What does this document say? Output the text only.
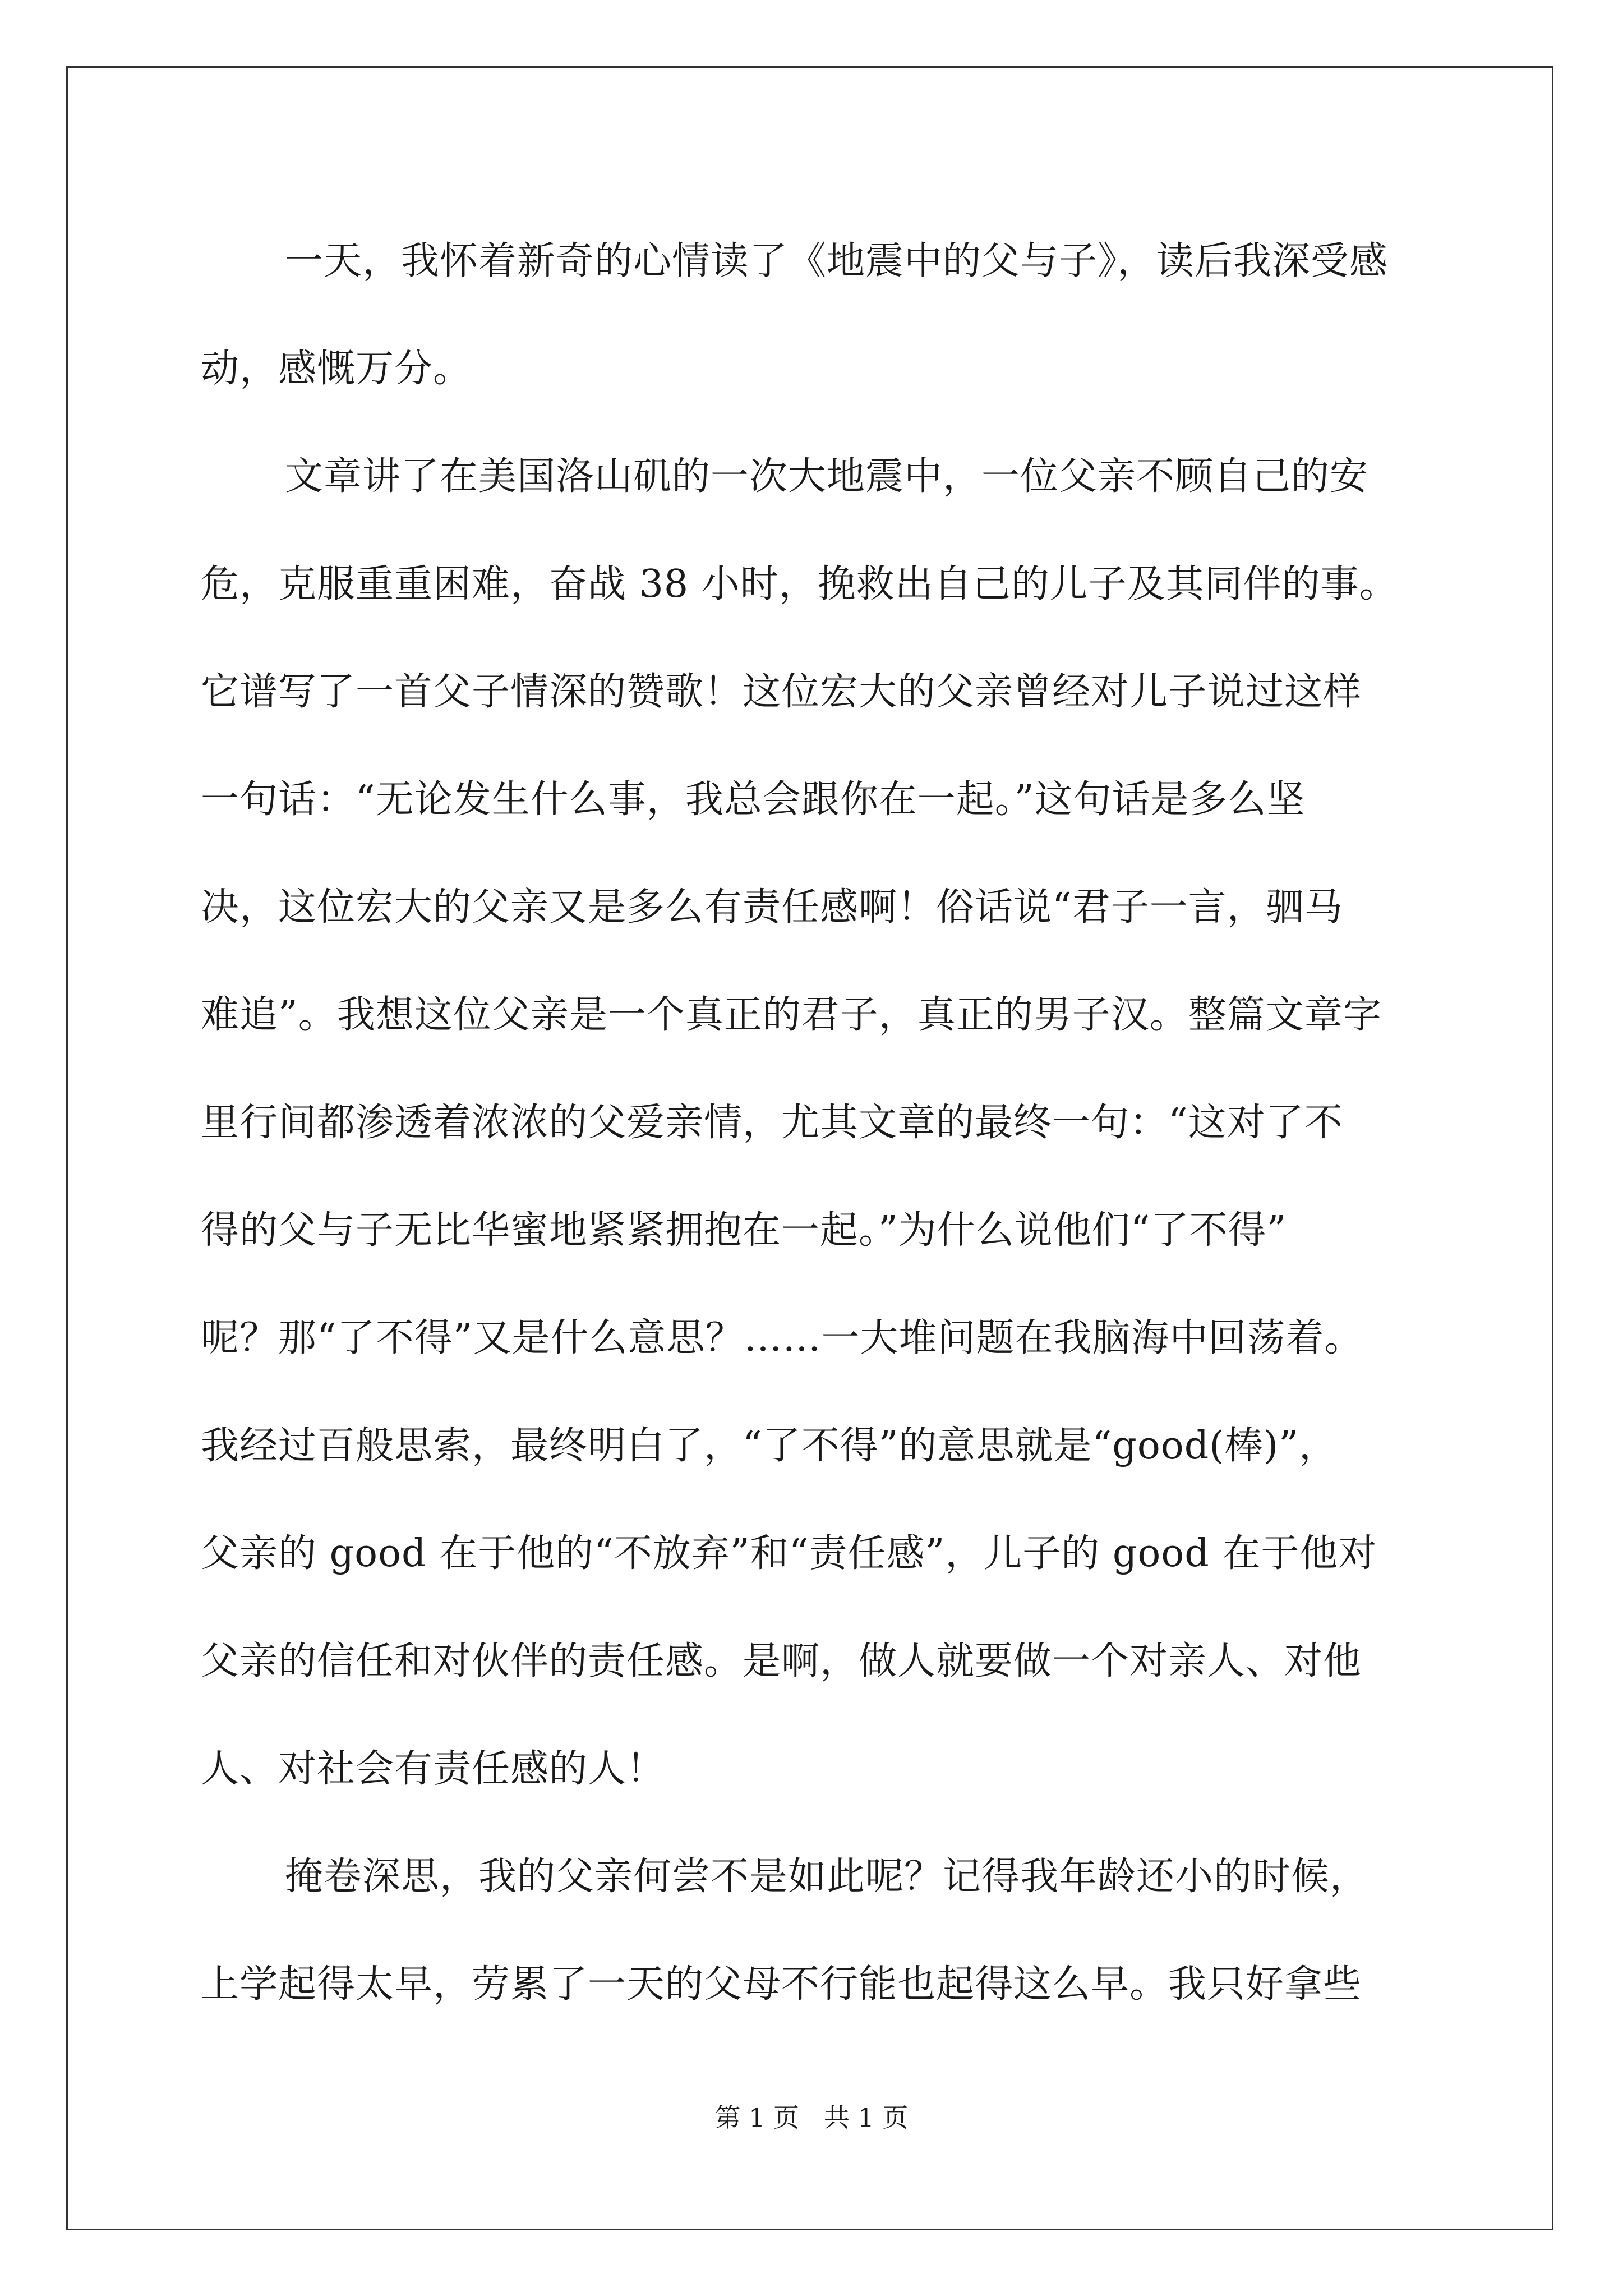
一天，我怀着新奇的心情读了《地震中的父与子》，读后我深受感
动，感慨万分。
文章讲了在美国洛山矶的一次大地震中，一位父亲不顾自己的安
危，克服重重困难，奋战 38 小时，挽救出自己的儿子及其同伴的事。
它谱写了一首父子情深的赞歌！这位宏大的父亲曾经对儿子说过这样
一句话：“无论发生什么事，我总会跟你在一起。”这句话是多么坚
决，这位宏大的父亲又是多么有责任感啊！俗话说“君子一言，驷马
难追”。我想这位父亲是一个真正的君子，真正的男子汉。整篇文章字
里行间都渗透着浓浓的父爱亲情，尤其文章的最终一句：“这对了不
得的父与子无比华蜜地紧紧拥抱在一起。”为什么说他们“了不得”
呢？那“了不得”又是什么意思？……一大堆问题在我脑海中回荡着。
我经过百般思索，最终明白了，“了不得”的意思就是“good(棒)”，
父亲的 good 在于他的“不放弃”和“责任感”，儿子的 good 在于他对
父亲的信任和对伙伴的责任感。是啊，做人就要做一个对亲人、对他
人、对社会有责任感的人！
掩卷深思，我的父亲何尝不是如此呢？记得我年龄还小的时候，
上学起得太早，劳累了一天的父母不行能也起得这么早。我只好拿些
第 1 页   共 1 页
